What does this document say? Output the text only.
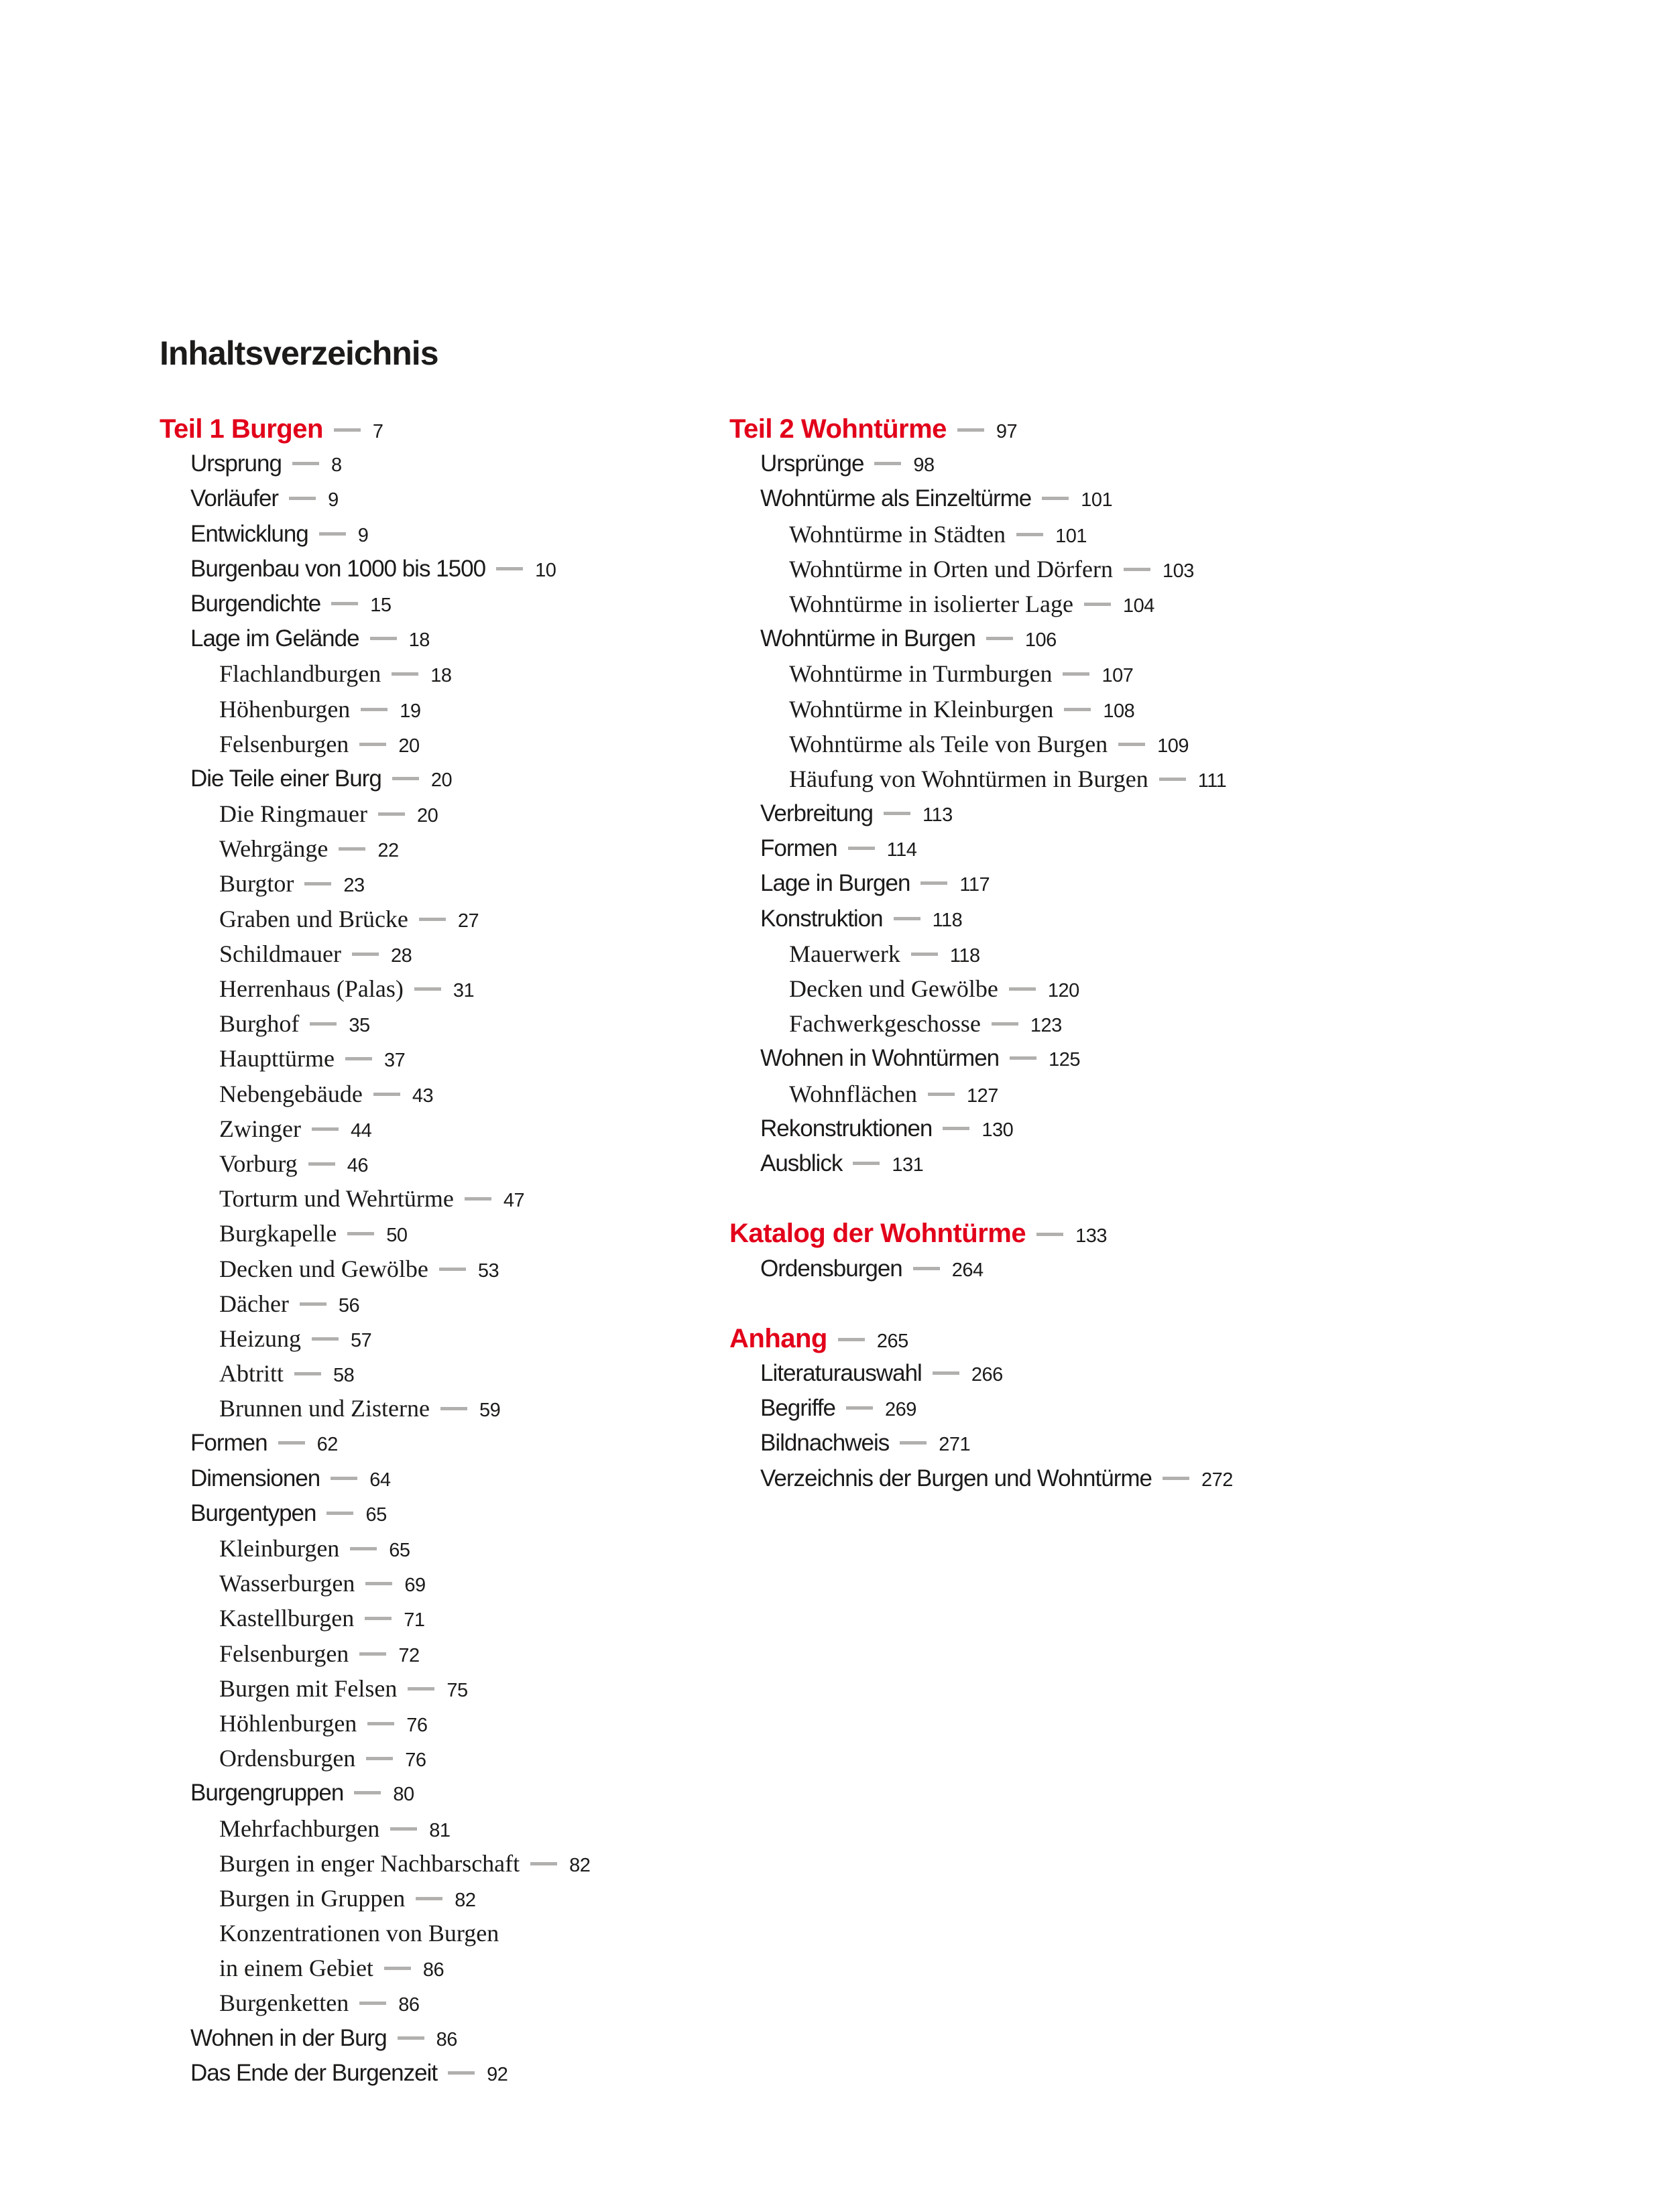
Inhaltsverzeichnis
Teil 1 Burgen	7
Ursprung	8
Vorläufer	9
Entwicklung	9
Burgenbau von 1000 bis 1500	10
Burgendichte	15
Lage im Gelände	18
Flachlandburgen	18
Höhenburgen	19
Felsenburgen	20
Die Teile einer Burg	20
Die Ringmauer	20
Wehrgänge	22
Burgtor	23
Graben und Brücke	27
Schildmauer	28
Herrenhaus (Palas)	31
Burghof	35
Haupttürme	37
Nebengebäude	43
Zwinger	44
Vorburg	46
Torturm und Wehrtürme	47
Burgkapelle	50
Decken und Gewölbe	53
Dächer	56
Heizung	57
Abtritt	58
Brunnen und Zisterne	59
Formen	62
Dimensionen	64
Burgentypen	65
Kleinburgen	65
Wasserburgen	69
Kastellburgen	71
Felsenburgen	72
Burgen mit Felsen	75
Höhlenburgen	76
Ordensburgen	76
Burgengruppen	80
Mehrfachburgen	81
Burgen in enger Nachbarschaft	82
Burgen in Gruppen	82
Konzentrationen von Burgen
in einem Gebiet	86
Burgenketten	86
Wohnen in der Burg	86
Das Ende der Burgenzeit	92
Teil 2 Wohntürme	97
Ursprünge	98
Wohntürme als Einzeltürme	101
Wohntürme in Städten	101
Wohntürme in Orten und Dörfern	103
Wohntürme in isolierter Lage	104
Wohntürme in Burgen	106
Wohntürme in Turmburgen	107
Wohntürme in Kleinburgen	108
Wohntürme als Teile von Burgen	109
Häufung von Wohntürmen in Burgen	111
Verbreitung	113
Formen	114
Lage in Burgen	117
Konstruktion	118
Mauerwerk	118
Decken und Gewölbe	120
Fachwerkgeschosse	123
Wohnen in Wohntürmen	125
Wohnflächen	127
Rekonstruktionen	130
Ausblick	131
Katalog der Wohntürme	133
Ordensburgen	264
Anhang	265
Literaturauswahl	266
Begriffe	269
Bildnachweis	271
Verzeichnis der Burgen und Wohntürme	272
